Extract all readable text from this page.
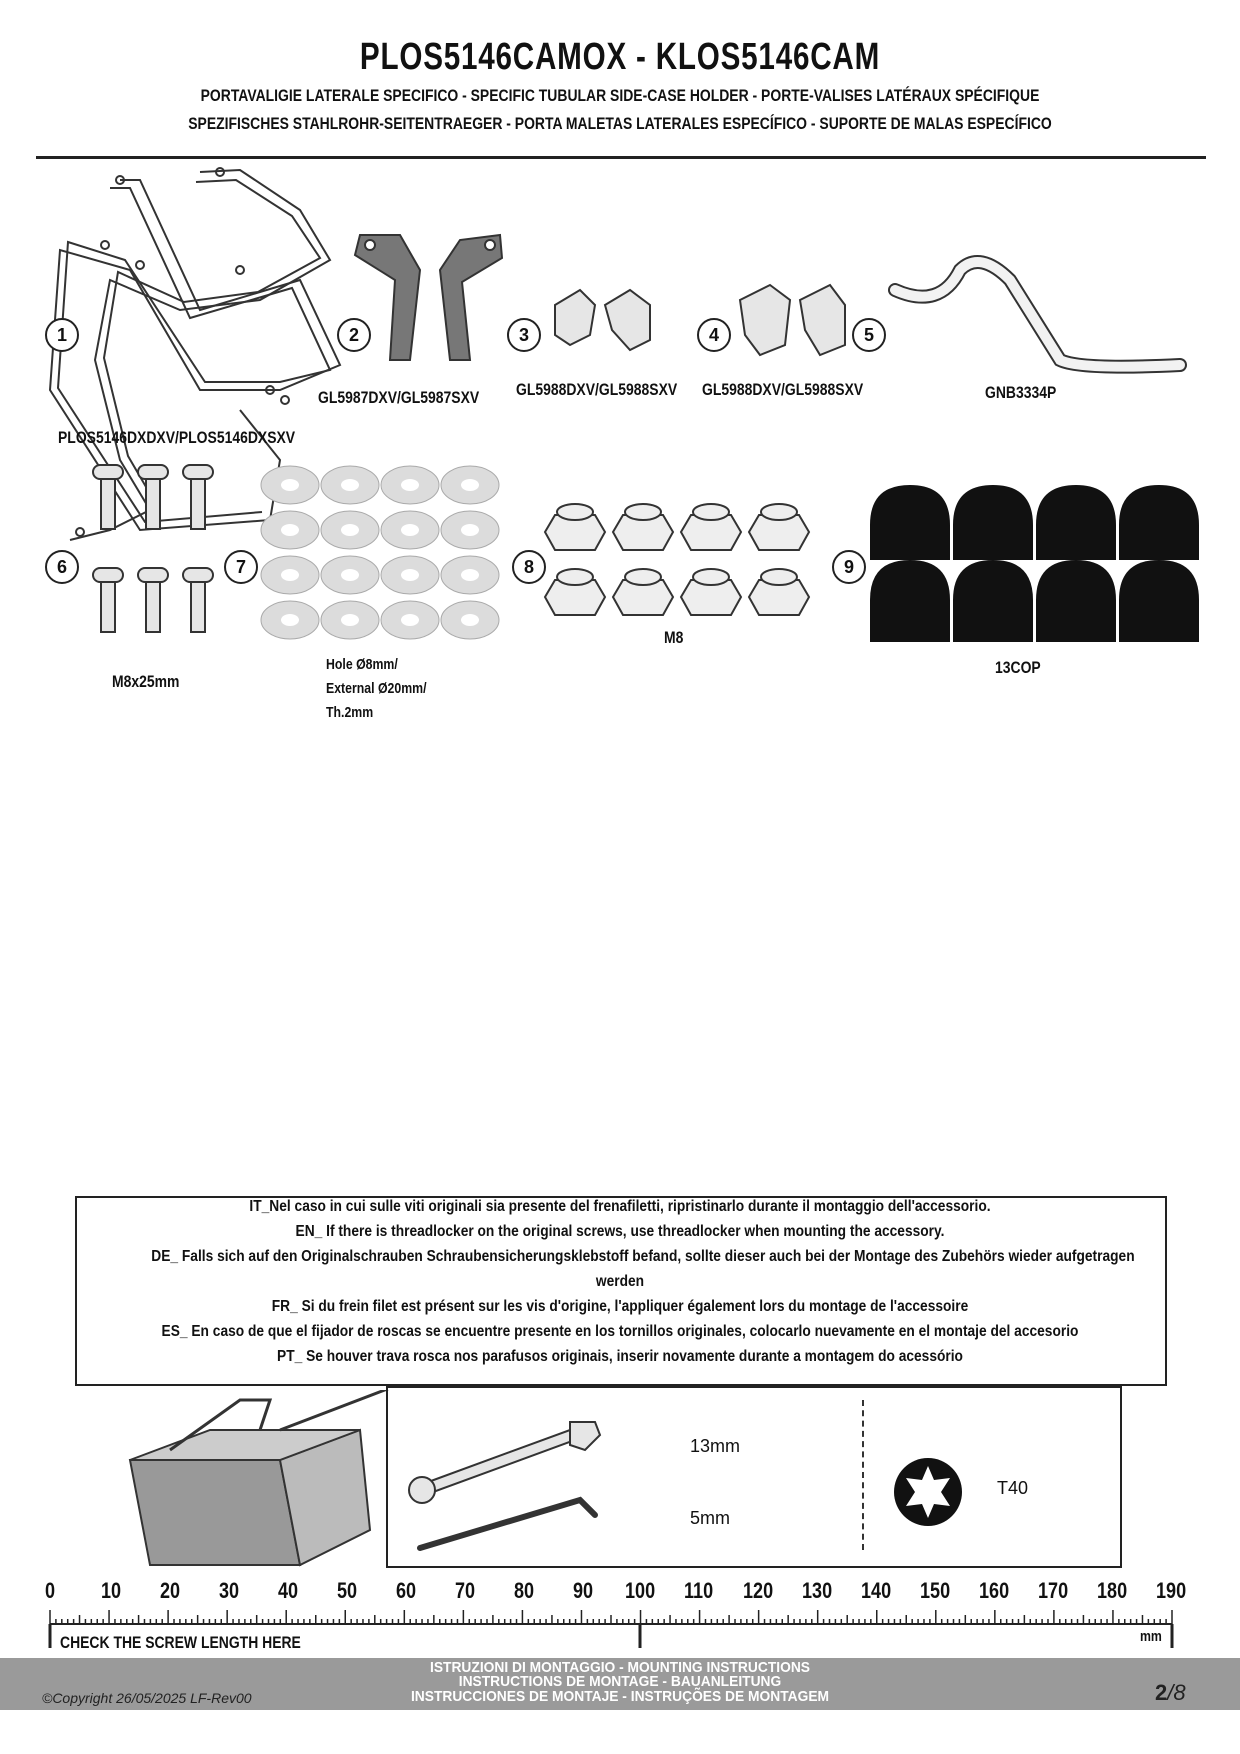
PLOS5146CAMOX - KLOS5146CAM
PORTAVALIGIE LATERALE SPECIFICO - SPECIFIC TUBULAR SIDE-CASE HOLDER - PORTE-VALISES LATÉRAUX SPÉCIFIQUE
SPEZIFISCHES STAHLROHR-SEITENTRAEGER - PORTA MALETAS LATERALES ESPECÍFICO - SUPORTE DE MALAS ESPECÍFICO
1	2	3	4	5
6	7	8	9
PLOS5146DXDXV/PLOS5146DXSXV
GL5987DXV/GL5987SXV GL5988DXV/GL5988SXV GL5988DXV/GL5988SXV	GNB3334P
M8x25mm
Hole Ø8mm/
External Ø20mm/
Th.2mm
M8
13COP
IT_Nel caso in cui sulle viti originali sia presente del frenafiletti, ripristinarlo durante il montaggio dell'accessorio.
EN_ If there is threadlocker on the original screws, use threadlocker when mounting the accessory.
DE_ Falls sich auf den Originalschrauben Schraubensicherungsklebstoff befand, sollte dieser auch bei der Montage des Zubehörs wieder aufgetragen
werden
FR_ Si du frein filet est présent sur les vis d'origine, l'appliquer également lors du montage de l'accessoire
ES_ En caso de que el fijador de roscas se encuentre presente en los tornillos originales, colocarlo nuevamente en el montaje del accesorio
PT_ Se houver trava rosca nos parafusos originais, inserir novamente durante a montagem do acessório
13mm
5mm
T40
0 10 20 30 40 50 60 70 80 90 100 110 120 130 140 150 160 170 180 190
CHECK THE SCREW LENGTH HERE	mm
ISTRUZIONI DI MONTAGGIO - MOUNTING INSTRUCTIONS
INSTRUCTIONS DE MONTAGE - BAUANLEITUNG
INSTRUCCIONES DE MONTAJE - INSTRUÇÕES DE MONTAGEM
©Copyright 26/05/2025 LF-Rev00	2/8
